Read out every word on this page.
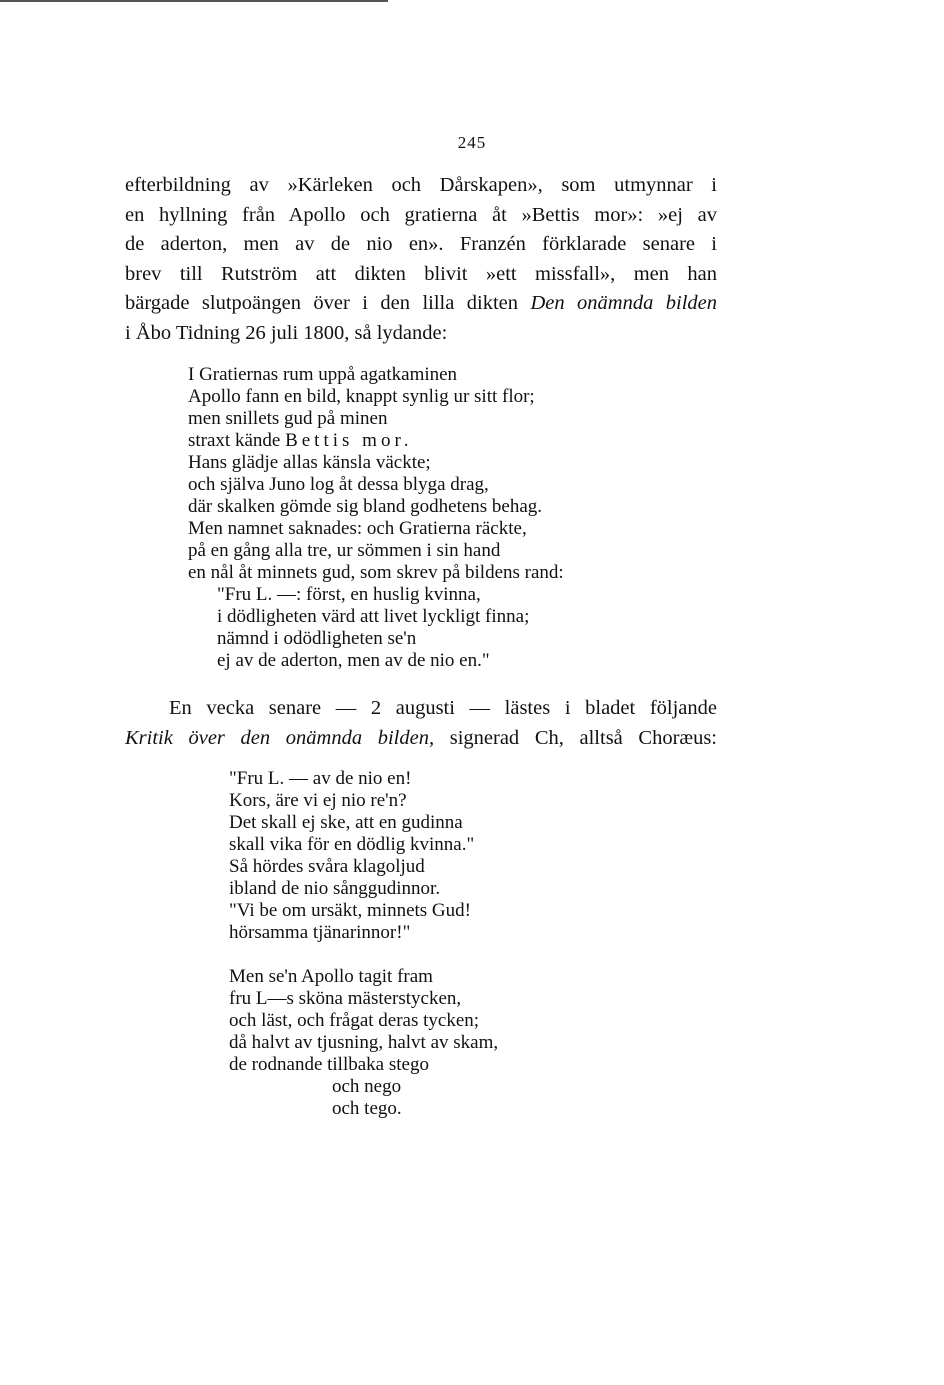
245
efterbildning av »Kärleken och Dårskapen», som utmynnar i
en hyllning från Apollo och gratierna åt »Bettis mor»: »ej av
de aderton, men av de nio en». Franzén förklarade senare i
brev till Rutström att dikten blivit »ett missfall», men han
bärgade slutpoängen över i den lilla dikten Den onämnda bilden
i Åbo Tidning 26 juli 1800, så lydande:
I Gratiernas rum uppå agatkaminen
Apollo fann en bild, knappt synlig ur sitt flor;
men snillets gud på minen
straxt kände Bettis mor.
Hans glädje allas känsla väckte;
och själva Juno log åt dessa blyga drag,
där skalken gömde sig bland godhetens behag.
Men namnet saknades: och Gratierna räckte,
på en gång alla tre, ur sömmen i sin hand
en nål åt minnets gud, som skrev på bildens rand:
"Fru L. —: först, en huslig kvinna,
i dödligheten värd att livet lyckligt finna;
nämnd i odödligheten se'n
ej av de aderton, men av de nio en."
En vecka senare — 2 augusti — lästes i bladet följande
Kritik över den onämnda bilden, signerad Ch, alltså Choræus:
"Fru L. — av de nio en!
Kors, äre vi ej nio re'n?
Det skall ej ske, att en gudinna
skall vika för en dödlig kvinna."
Så hördes svåra klagoljud
ibland de nio sånggudinnor.
"Vi be om ursäkt, minnets Gud!
hörsamma tjänarinnor!"
Men se'n Apollo tagit fram
fru L—s sköna mästerstycken,
och läst, och frågat deras tycken;
då halvt av tjusning, halvt av skam,
de rodnande tillbaka stego
och nego
och tego.
